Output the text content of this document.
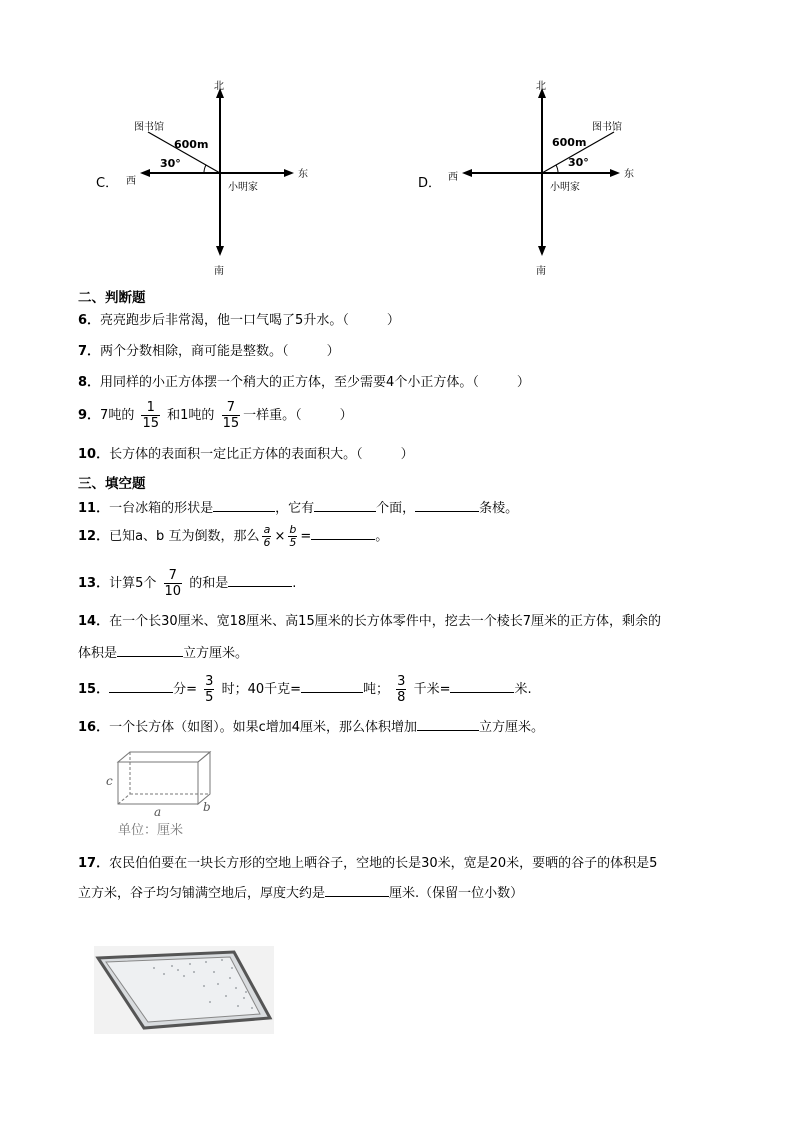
C．
北
南
东
西
图书馆
600m
30°
小明家	D．
北
南
东
西
图书馆
600m
30°
小明家
二、判断题
6．亮亮跑步后非常渴，他一口气喝了5升水。（	）
7．两个分数相除，商可能是整数。（	）
8．用同样的小正方体摆一个稍大的正方体，至少需要4个小正方体。（	）
9．7吨的 $\frac{1}{15}$ 和1吨的 $\frac{7}{15}$ 一样重。（	）
10．长方体的表面积一定比正方体的表面积大。（	）
三、填空题
11．一台冰箱的形状是	，它有	个面，	条棱。
12．已知a、b 互为倒数，那么 $\frac{a}{6} \times \frac{b}{5}$ =	。
13．计算5个 $\frac{7}{10}$ 的和是	.
14．在一个长30厘米、宽18厘米、高15厘米的长方体零件中，挖去一个棱长7厘米的正方体，剩余的
体积是	立方厘米。
15．	分= $\frac{3}{5}$ 时；40千克=	吨； $\frac{3}{8}$ 千米=	米.
16．一个长方体（如图）。如果c增加4厘米，那么体积增加	立方厘米。
c
a	b
单位：厘米
17．农民伯伯要在一块长方形的空地上晒谷子，空地的长是30米，宽是20米，要晒的谷子的体积是5
立方米，谷子均匀铺满空地后，厚度大约是	厘米.（保留一位小数）
